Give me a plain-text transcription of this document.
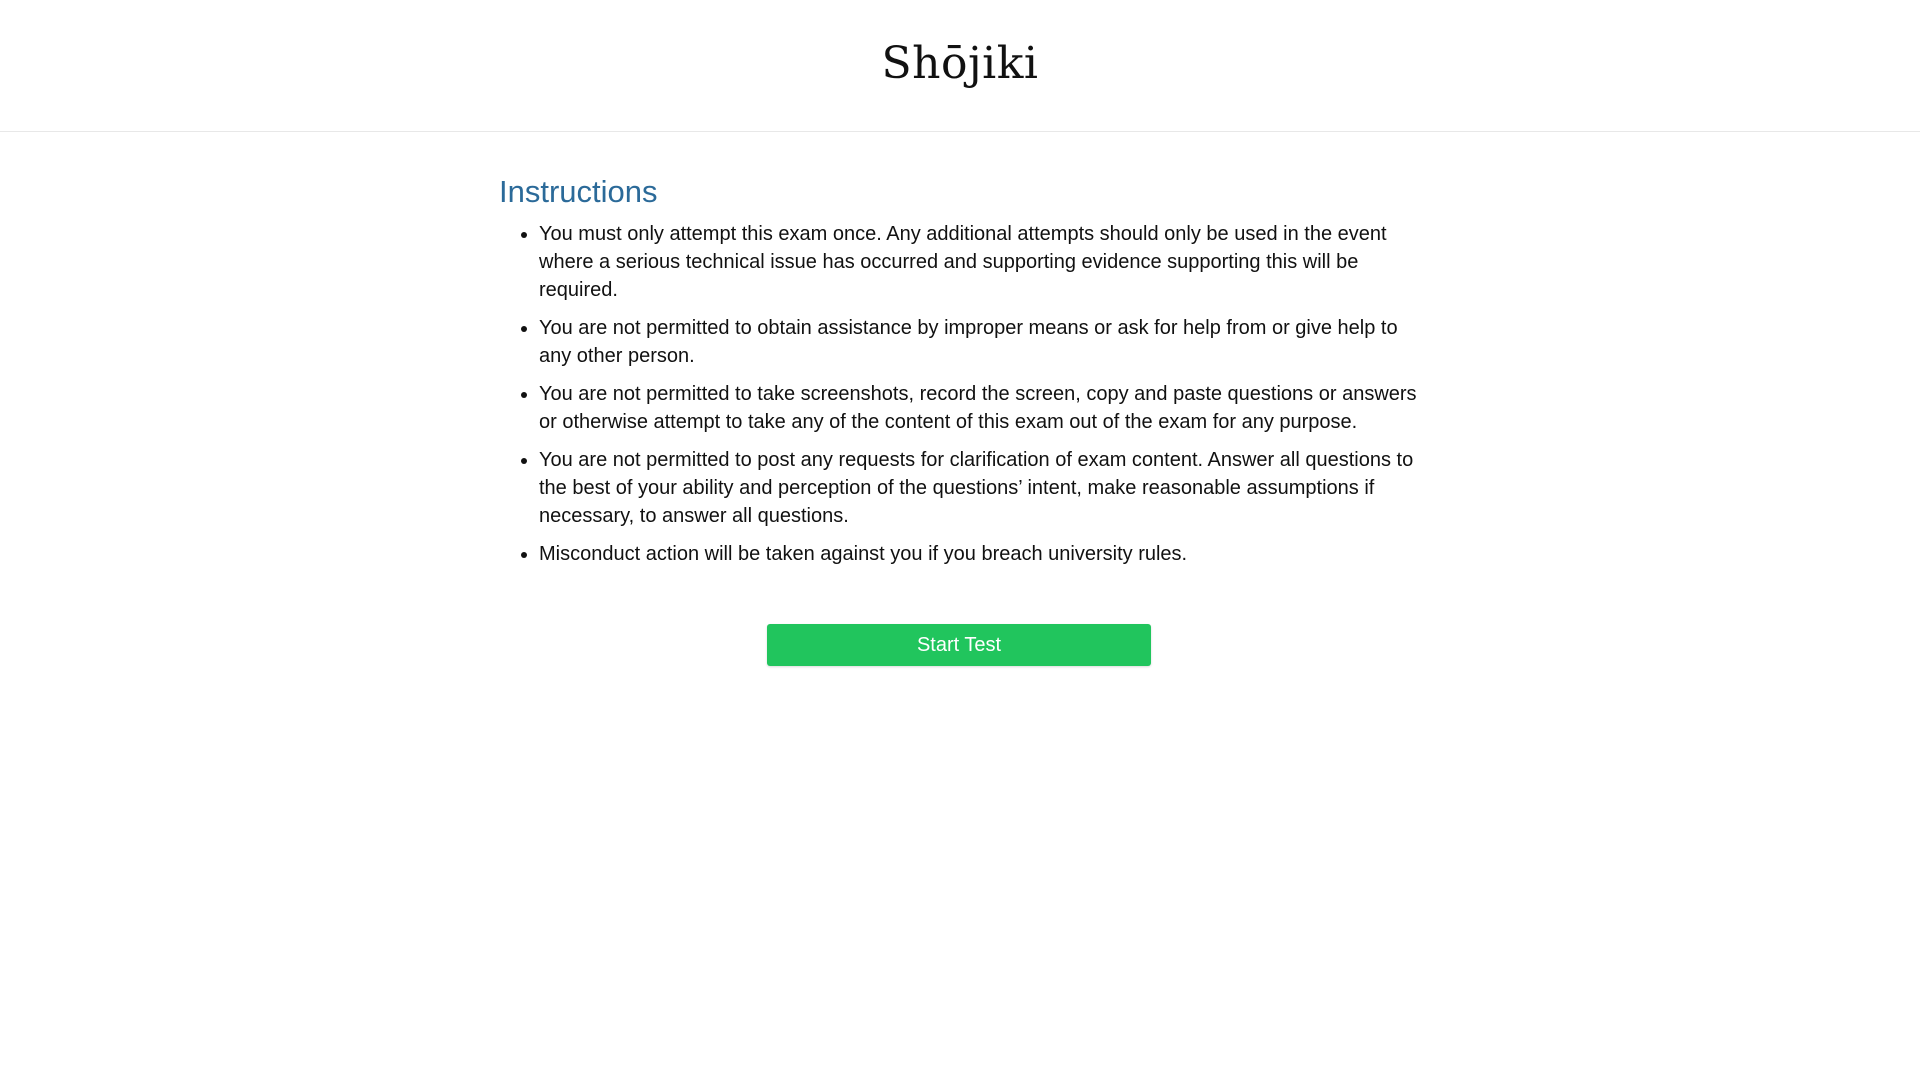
Shōjiki
Instructions
• You must only attempt this exam once. Any additional attempts should only be used in the event where a serious technical issue has occurred and supporting evidence supporting this will be required.
• You are not permitted to obtain assistance by improper means or ask for help from or give help to any other person.
• You are not permitted to take screenshots, record the screen, copy and paste questions or answers or otherwise attempt to take any of the content of this exam out of the exam for any purpose.
• You are not permitted to post any requests for clarification of exam content. Answer all questions to the best of your ability and perception of the questions’ intent, make reasonable assumptions if necessary, to answer all questions.
• Misconduct action will be taken against you if you breach university rules.
Start Test
